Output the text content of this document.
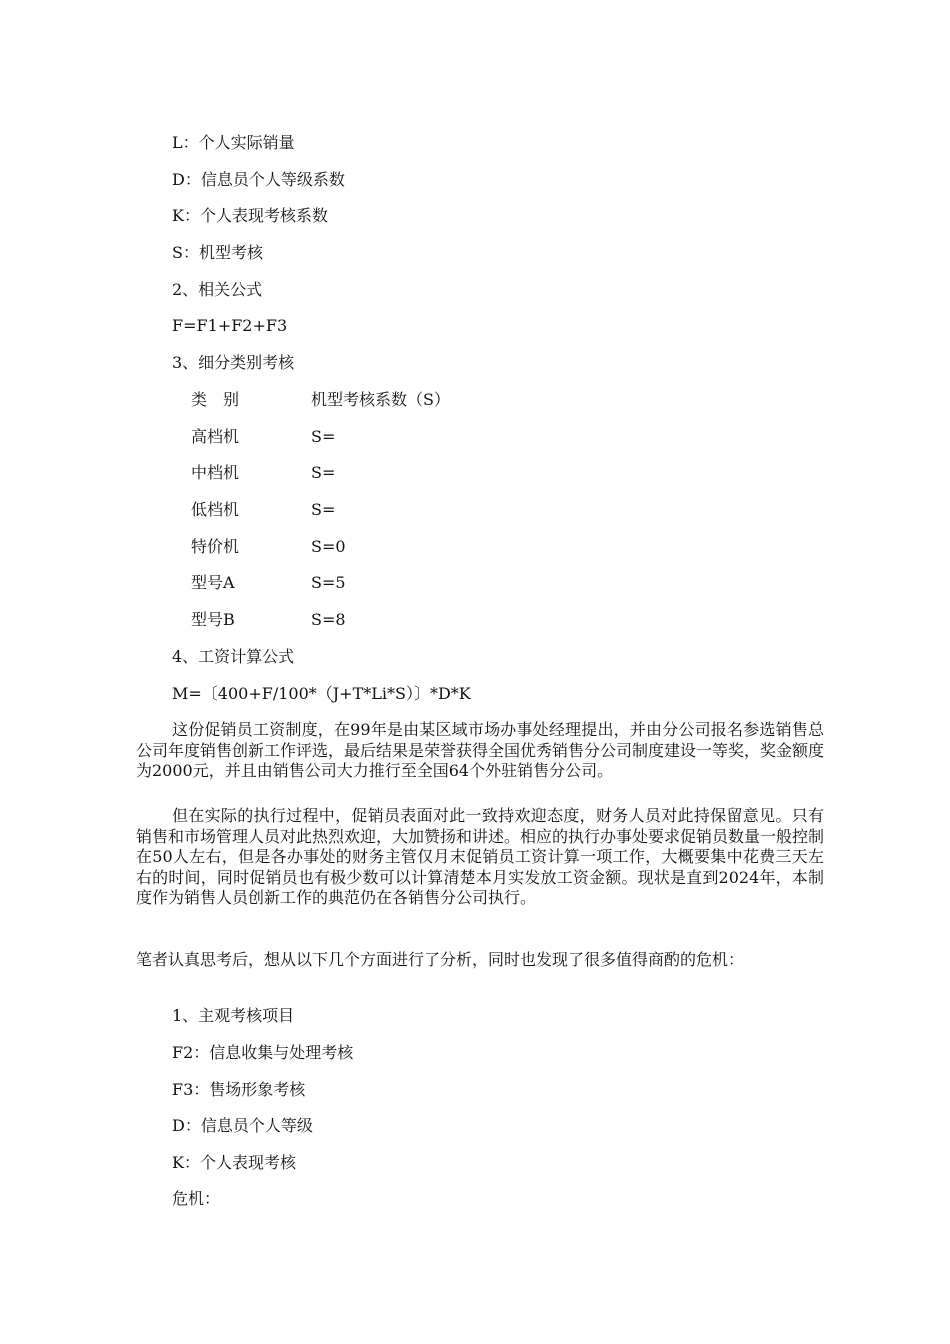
L：个人实际销量
D：信息员个人等级系数
K：个人表现考核系数
S：机型考核
2、相关公式
F=F1+F2+F3
3、细分类别考核
类　别	机型考核系数（S）
高档机	S=
中档机	S=
低档机	S=
特价机	S=0
型号A	S=5
型号B	S=8
4、工资计算公式
M=〔400+F/100*（J+T*Li*S）〕*D*K

这份促销员工资制度，在99年是由某区域市场办事处经理提出，并由分公司报名参选销售总公司年度销售创新工作评选，最后结果是荣誉获得全国优秀销售分公司制度建设一等奖，奖金额度为2000元，并且由销售公司大力推行至全国64个外驻销售分公司。

但在实际的执行过程中，促销员表面对此一致持欢迎态度，财务人员对此持保留意见。只有销售和市场管理人员对此热烈欢迎，大加赞扬和讲述。相应的执行办事处要求促销员数量一般控制在50人左右，但是各办事处的财务主管仅月末促销员工资计算一项工作，大概要集中花费三天左右的时间，同时促销员也有极少数可以计算清楚本月实发放工资金额。现状是直到2024年，本制度作为销售人员创新工作的典范仍在各销售分公司执行。

笔者认真思考后，想从以下几个方面进行了分析，同时也发现了很多值得商酌的危机：

1、主观考核项目
F2：信息收集与处理考核
F3：售场形象考核
D：信息员个人等级
K：个人表现考核
危机：
